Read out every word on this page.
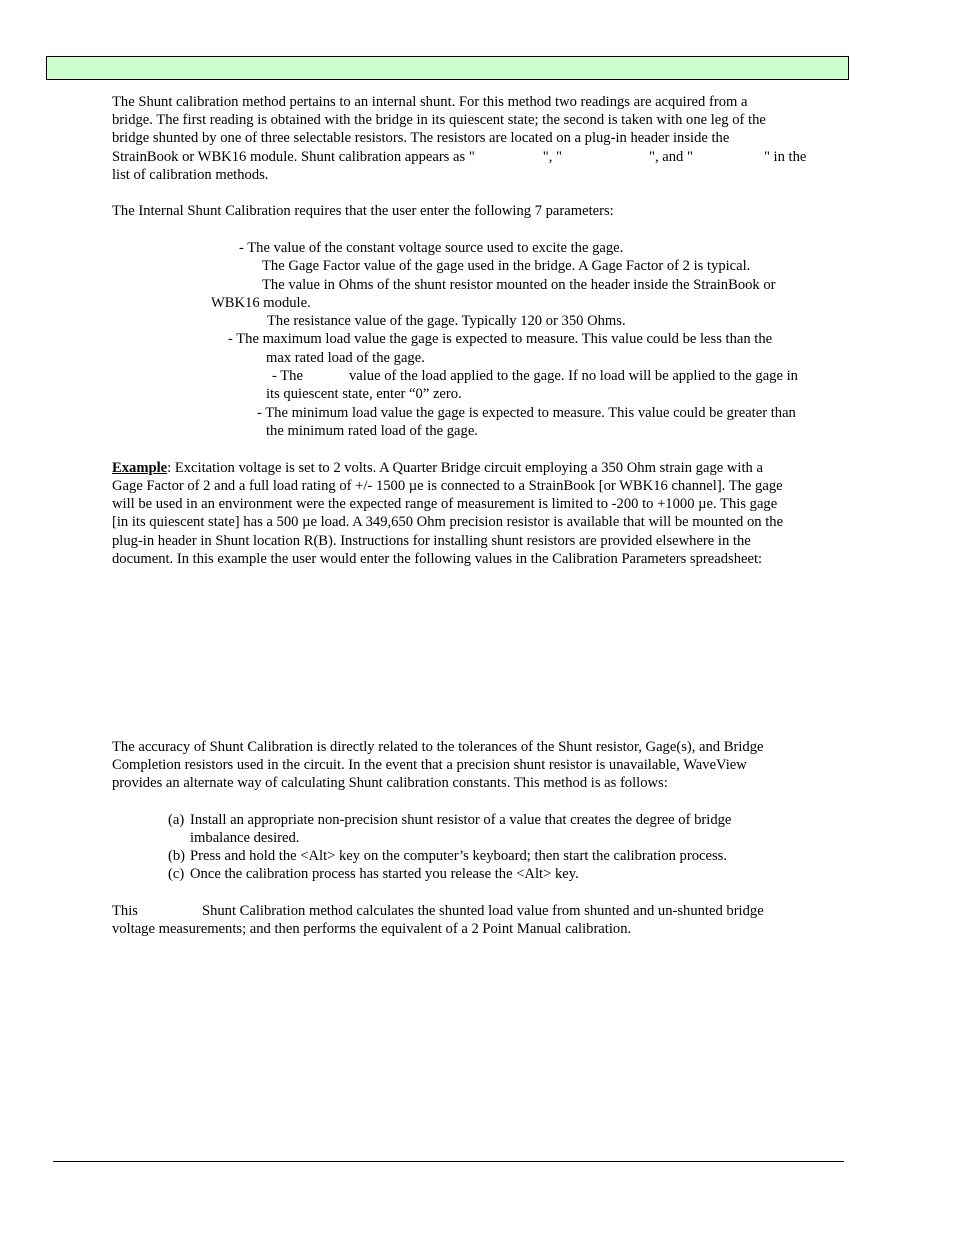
The Shunt calibration method pertains to an internal shunt. For this method two readings are acquired from a

bridge. The first reading is obtained with the bridge in its quiescent state; the second is taken with one leg of the

bridge shunted by one of three selectable resistors. The resistors are located on a plug-in header inside the

StrainBook or WBK16 module. Shunt calibration appears as "	", "	", and "	" in the

list of calibration methods.

The Internal Shunt Calibration requires that the user enter the following 7 parameters:

- The value of the constant voltage source used to excite the gage.

The Gage Factor value of the gage used in the bridge. A Gage Factor of 2 is typical.

The value in Ohms of the shunt resistor mounted on the header inside the StrainBook or

WBK16 module.

The resistance value of the gage. Typically 120 or 350 Ohms.

- The maximum load value the gage is expected to measure. This value could be less than the

max rated load of the gage.

- The	value of the load applied to the gage. If no load will be applied to the gage in

its quiescent state, enter “0” zero.

- The minimum load value the gage is expected to measure. This value could be greater than

the minimum rated load of the gage.

Example: Excitation voltage is set to 2 volts. A Quarter Bridge circuit employing a 350 Ohm strain gage with a

Gage Factor of 2 and a full load rating of +/- 1500 µe is connected to a StrainBook [or WBK16 channel]. The gage

will be used in an environment were the expected range of measurement is limited to -200 to +1000 µe. This gage

[in its quiescent state] has a 500 µe load. A 349,650 Ohm precision resistor is available that will be mounted on the

plug-in header in Shunt location R(B). Instructions for installing shunt resistors are provided elsewhere in the

document. In this example the user would enter the following values in the Calibration Parameters spreadsheet:

The accuracy of Shunt Calibration is directly related to the tolerances of the Shunt resistor, Gage(s), and Bridge

Completion resistors used in the circuit. In the event that a precision shunt resistor is unavailable, WaveView

provides an alternate way of calculating Shunt calibration constants. This method is as follows:

(a) Install an appropriate non-precision shunt resistor of a value that creates the degree of bridge

imbalance desired.

(b) Press and hold the <Alt> key on the computer’s keyboard; then start the calibration process.

(c) Once the calibration process has started you release the <Alt> key.

This	Shunt Calibration method calculates the shunted load value from shunted and un-shunted bridge

voltage measurements; and then performs the equivalent of a 2 Point Manual calibration.
